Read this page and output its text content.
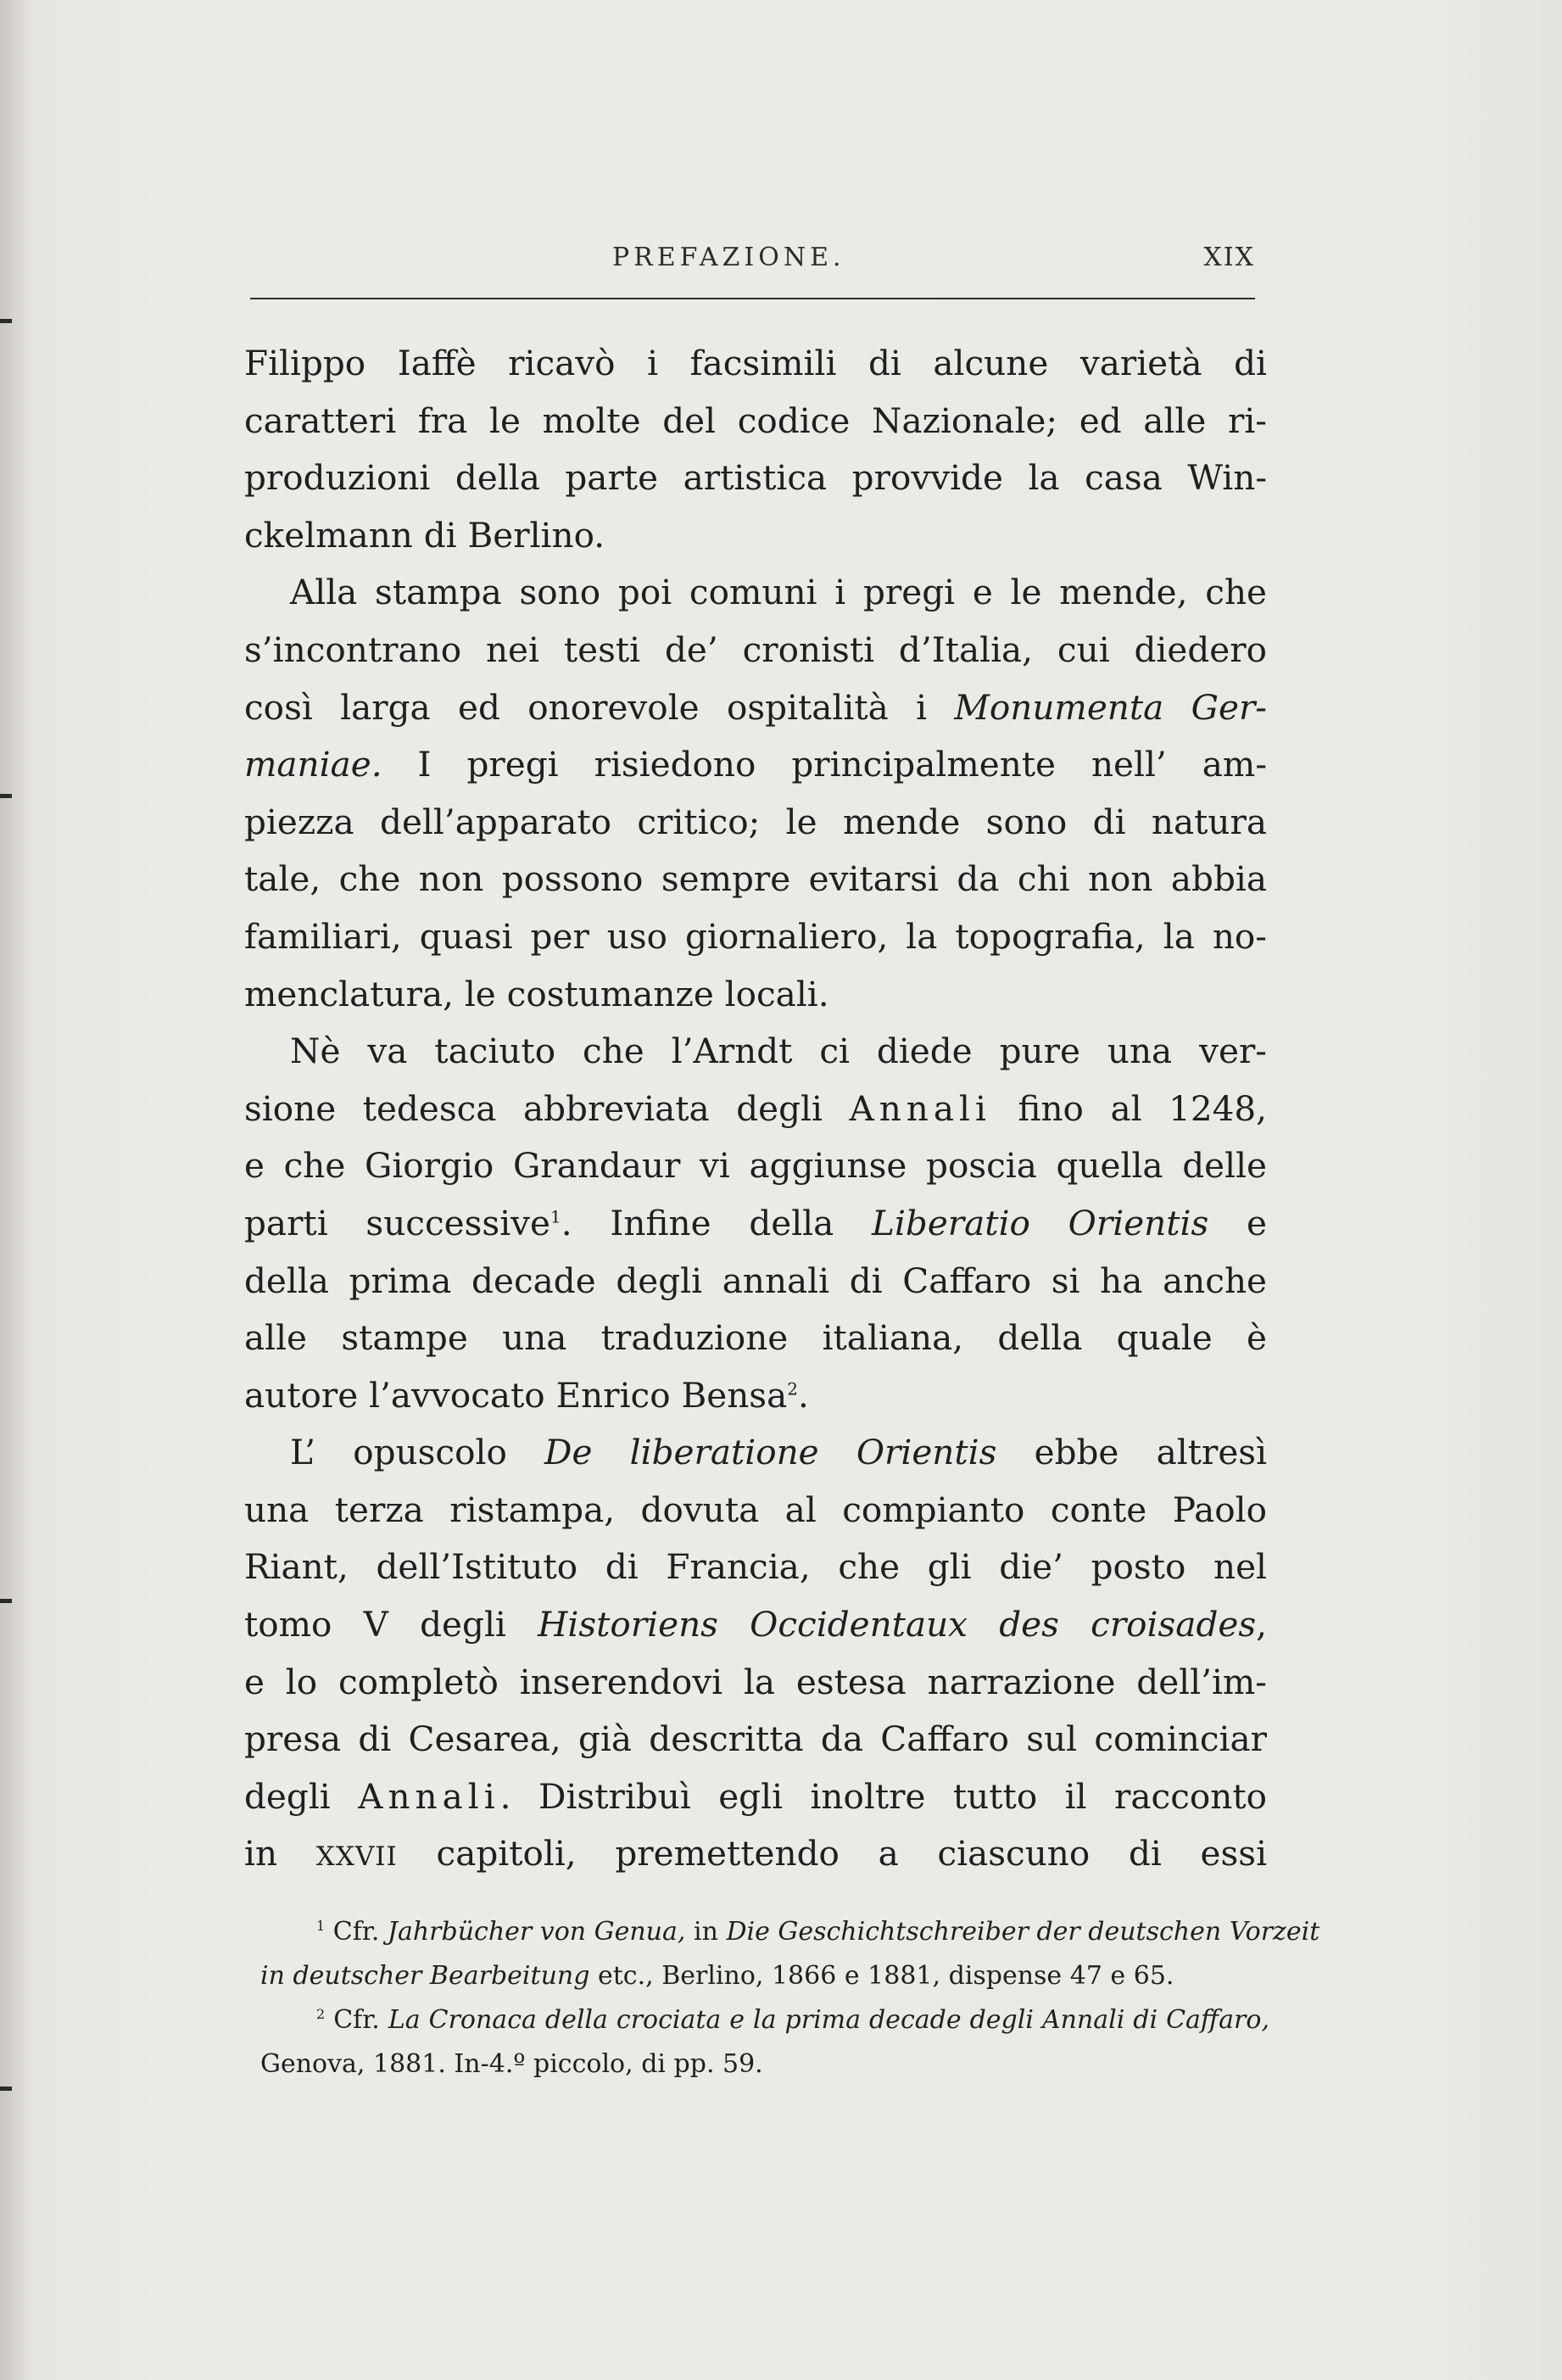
PREFAZIONE.	XIX
Filippo Iaffè ricavò i facsimili di alcune varietà di
caratteri fra le molte del codice Nazionale; ed alle ri-
produzioni della parte artistica provvide la casa Win-
ckelmann di Berlino.
Alla stampa sono poi comuni i pregi e le mende, che
s’incontrano nei testi de’ cronisti d’Italia, cui diedero
così larga ed onorevole ospitalità i Monumenta Ger-
maniae. I pregi risiedono principalmente nell’ am-
piezza dell’apparato critico; le mende sono di natura
tale, che non possono sempre evitarsi da chi non abbia
familiari, quasi per uso giornaliero, la topografia, la no-
menclatura, le costumanze locali.
Nè va taciuto che l’Arndt ci diede pure una ver-
sione tedesca abbreviata degli Annali fino al 1248,
e che Giorgio Grandaur vi aggiunse poscia quella delle
parti successive$^1$. Infine della Liberatio Orientis e
della prima decade degli annali di Caffaro si ha anche
alle stampe una traduzione italiana, della quale è
autore l’avvocato Enrico Bensa$^2$.
L’ opuscolo De liberatione Orientis ebbe altresì
una terza ristampa, dovuta al compianto conte Paolo
Riant, dell’Istituto di Francia, che gli die’ posto nel
tomo V degli Historiens Occidentaux des croisades,
e lo completò inserendovi la estesa narrazione dell’im-
presa di Cesarea, già descritta da Caffaro sul cominciar
degli Annali. Distribuì egli inoltre tutto il racconto
in XXVII capitoli, premettendo a ciascuno di essi
$^1$ Cfr. Jahrbücher von Genua, in Die Geschichtschreiber der deutschen Vorzeit
in deutscher Bearbeitung etc., Berlino, 1866 e 1881, dispense 47 e 65.
$^2$ Cfr. La Cronaca della crociata e la prima decade degli Annali di Caffaro,
Genova, 1881. In-4.º piccolo, di pp. 59.
